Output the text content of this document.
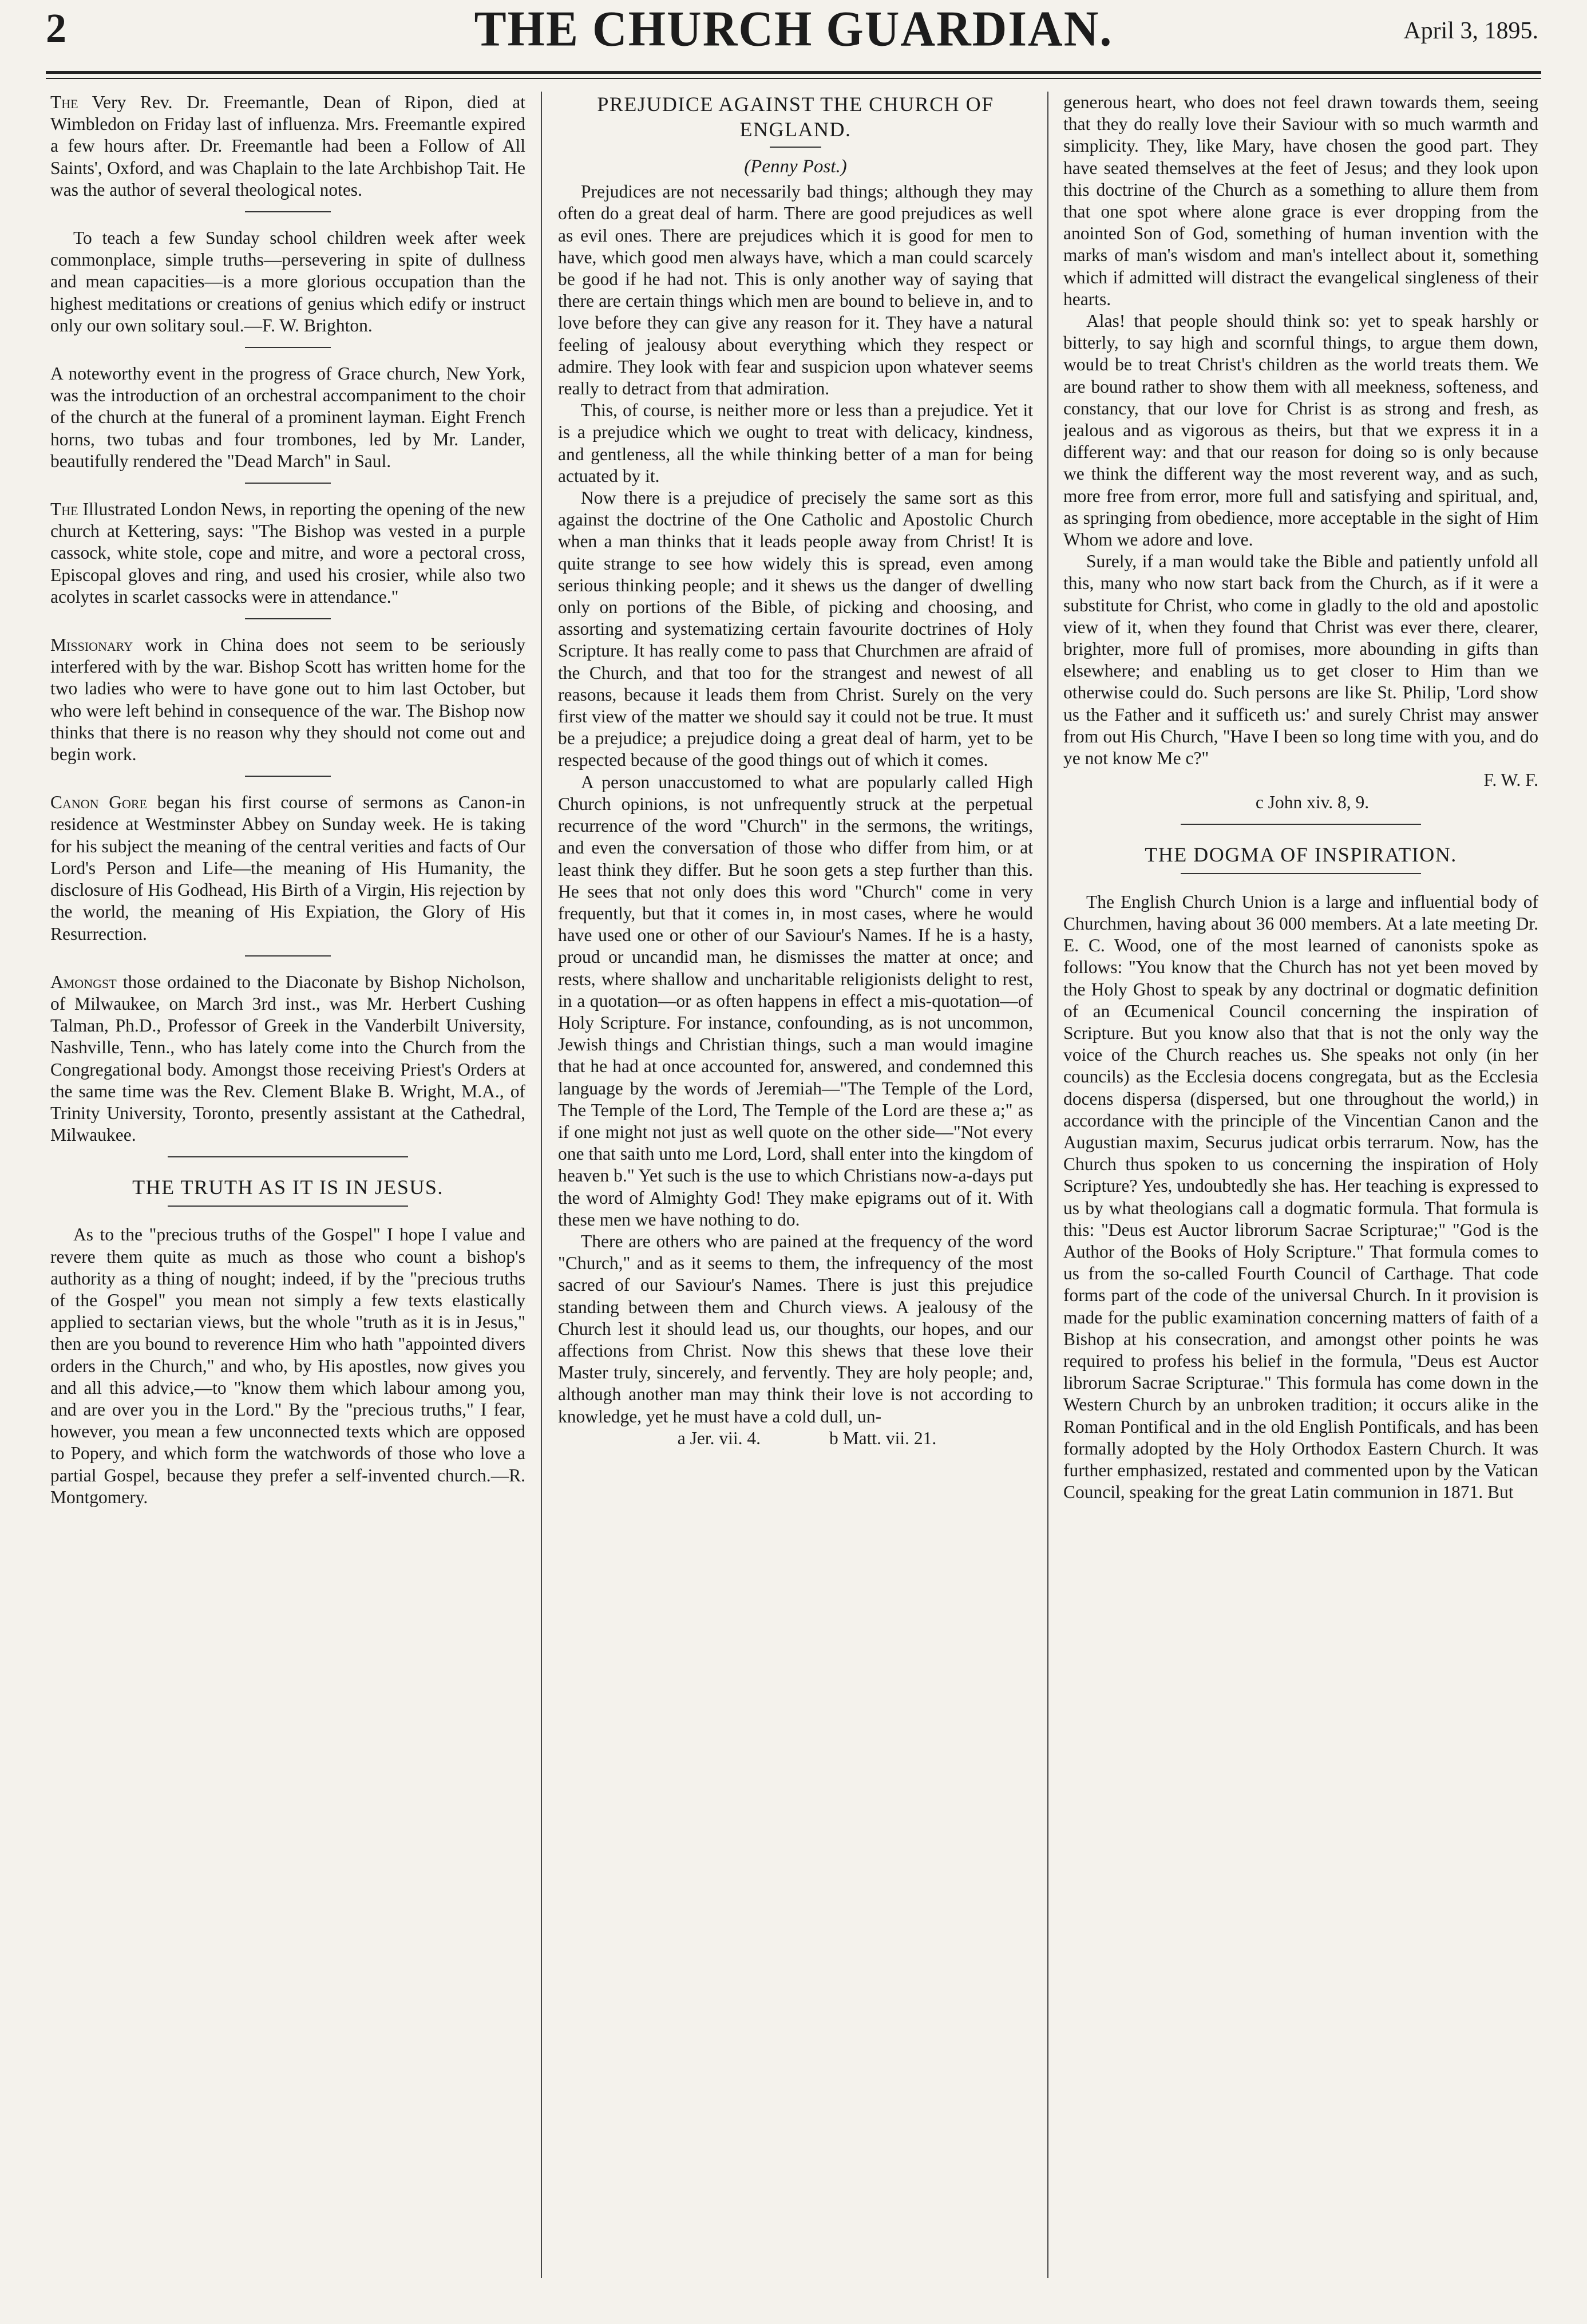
2	THE CHURCH GUARDIAN.	April 3, 1895.

The Very Rev. Dr. Freemantle, Dean of Ripon, died at Wimbledon on Friday last of influenza. Mrs. Freemantle expired a few hours after. Dr. Freemantle had been a Follow of All Saints', Oxford, and was Chaplain to the late Archbishop Tait. He was the author of several theological notes.

To teach a few Sunday school children week after week commonplace, simple truths—persevering in spite of dullness and mean capacities—is a more glorious occupation than the highest meditations or creations of genius which edify or instruct only our own solitary soul.—F. W. Brighton.

A noteworthy event in the progress of Grace church, New York, was the introduction of an orchestral accompaniment to the choir of the church at the funeral of a prominent layman. Eight French horns, two tubas and four trombones, led by Mr. Lander, beautifully rendered the "Dead March" in Saul.

The Illustrated London News, in reporting the opening of the new church at Kettering, says: "The Bishop was vested in a purple cassock, white stole, cope and mitre, and wore a pectoral cross, Episcopal gloves and ring, and used his crosier, while also two acolytes in scarlet cassocks were in attendance."

Missionary work in China does not seem to be seriously interfered with by the war. Bishop Scott has written home for the two ladies who were to have gone out to him last October, but who were left behind in consequence of the war. The Bishop now thinks that there is no reason why they should not come out and begin work.

Canon Gore began his first course of sermons as Canon-in residence at Westminster Abbey on Sunday week. He is taking for his subject the meaning of the central verities and facts of Our Lord's Person and Life—the meaning of His Humanity, the disclosure of His Godhead, His Birth of a Virgin, His rejection by the world, the meaning of His Expiation, the Glory of His Resurrection.

Amongst those ordained to the Diaconate by Bishop Nicholson, of Milwaukee, on March 3rd inst., was Mr. Herbert Cushing Talman, Ph.D., Professor of Greek in the Vanderbilt University, Nashville, Tenn., who has lately come into the Church from the Congregational body. Amongst those receiving Priest's Orders at the same time was the Rev. Clement Blake B. Wright, M.A., of Trinity University, Toronto, presently assistant at the Cathedral, Milwaukee.

THE TRUTH AS IT IS IN JESUS.

As to the "precious truths of the Gospel" I hope I value and revere them quite as much as those who count a bishop's authority as a thing of nought; indeed, if by the "precious truths of the Gospel" you mean not simply a few texts elastically applied to sectarian views, but the whole "truth as it is in Jesus," then are you bound to reverence Him who hath "appointed divers orders in the Church," and who, by His apostles, now gives you and all this advice,—to "know them which labour among you, and are over you in the Lord." By the "precious truths," I fear, however, you mean a few unconnected texts which are opposed to Popery, and which form the watchwords of those who love a partial Gospel, because they prefer a self-invented church.—R. Montgomery.

PREJUDICE AGAINST THE CHURCH OF ENGLAND.
(Penny Post.)

Prejudices are not necessarily bad things; although they may often do a great deal of harm. There are good prejudices as well as evil ones. There are prejudices which it is good for men to have, which good men always have, which a man could scarcely be good if he had not. This is only another way of saying that there are certain things which men are bound to believe in, and to love before they can give any reason for it. They have a natural feeling of jealousy about everything which they respect or admire. They look with fear and suspicion upon whatever seems really to detract from that admiration.

This, of course, is neither more or less than a prejudice. Yet it is a prejudice which we ought to treat with delicacy, kindness, and gentleness, all the while thinking better of a man for being actuated by it.

Now there is a prejudice of precisely the same sort as this against the doctrine of the One Catholic and Apostolic Church when a man thinks that it leads people away from Christ! It is quite strange to see how widely this is spread, even among serious thinking people; and it shews us the danger of dwelling only on portions of the Bible, of picking and choosing, and assorting and systematizing certain favourite doctrines of Holy Scripture. It has really come to pass that Churchmen are afraid of the Church, and that too for the strangest and newest of all reasons, because it leads them from Christ. Surely on the very first view of the matter we should say it could not be true. It must be a prejudice; a prejudice doing a great deal of harm, yet to be respected because of the good things out of which it comes.

A person unaccustomed to what are popularly called High Church opinions, is not unfrequently struck at the perpetual recurrence of the word "Church" in the sermons, the writings, and even the conversation of those who differ from him, or at least think they differ. But he soon gets a step further than this. He sees that not only does this word "Church" come in very frequently, but that it comes in, in most cases, where he would have used one or other of our Saviour's Names. If he is a hasty, proud or uncandid man, he dismisses the matter at once; and rests, where shallow and uncharitable religionists delight to rest, in a quotation—or as often happens in effect a mis-quotation—of Holy Scripture. For instance, confounding, as is not uncommon, Jewish things and Christian things, such a man would imagine that he had at once accounted for, answered, and condemned this language by the words of Jeremiah—"The Temple of the Lord, The Temple of the Lord, The Temple of the Lord are these a;" as if one might not just as well quote on the other side—"Not every one that saith unto me Lord, Lord, shall enter into the kingdom of heaven b." Yet such is the use to which Christians now-a-days put the word of Almighty God! They make epigrams out of it. With these men we have nothing to do.

There are others who are pained at the frequency of the word "Church," and as it seems to them, the infrequency of the most sacred of our Saviour's Names. There is just this prejudice standing between them and Church views. A jealousy of the Church lest it should lead us, our thoughts, our hopes, and our affections from Christ. Now this shews that these love their Master truly, sincerely, and fervently. They are holy people; and, although another man may think their love is not according to knowledge, yet he must have a cold dull, un-

a Jer. vii. 4.	b Matt. vii. 21.

generous heart, who does not feel drawn towards them, seeing that they do really love their Saviour with so much warmth and simplicity. They, like Mary, have chosen the good part. They have seated themselves at the feet of Jesus; and they look upon this doctrine of the Church as a something to allure them from that one spot where alone grace is ever dropping from the anointed Son of God, something of human invention with the marks of man's wisdom and man's intellect about it, something which if admitted will distract the evangelical singleness of their hearts.

Alas! that people should think so: yet to speak harshly or bitterly, to say high and scornful things, to argue them down, would be to treat Christ's children as the world treats them. We are bound rather to show them with all meekness, softeness, and constancy, that our love for Christ is as strong and fresh, as jealous and as vigorous as theirs, but that we express it in a different way: and that our reason for doing so is only because we think the different way the most reverent way, and as such, more free from error, more full and satisfying and spiritual, and, as springing from obedience, more acceptable in the sight of Him Whom we adore and love.

Surely, if a man would take the Bible and patiently unfold all this, many who now start back from the Church, as if it were a substitute for Christ, who come in gladly to the old and apostolic view of it, when they found that Christ was ever there, clearer, brighter, more full of promises, more abounding in gifts than elsewhere; and enabling us to get closer to Him than we otherwise could do. Such persons are like St. Philip, 'Lord show us the Father and it sufficeth us:' and surely Christ may answer from out His Church, "Have I been so long time with you, and do ye not know Me c?"

F. W. F.

c John xiv. 8, 9.

THE DOGMA OF INSPIRATION.

The English Church Union is a large and influential body of Churchmen, having about 36 000 members. At a late meeting Dr. E. C. Wood, one of the most learned of canonists spoke as follows: "You know that the Church has not yet been moved by the Holy Ghost to speak by any doctrinal or dogmatic definition of an Œcumenical Council concerning the inspiration of Scripture. But you know also that that is not the only way the voice of the Church reaches us. She speaks not only (in her councils) as the Ecclesia docens congregata, but as the Ecclesia docens dispersa (dispersed, but one throughout the world,) in accordance with the principle of the Vincentian Canon and the Augustian maxim, Securus judicat orbis terrarum. Now, has the Church thus spoken to us concerning the inspiration of Holy Scripture? Yes, undoubtedly she has. Her teaching is expressed to us by what theologians call a dogmatic formula. That formula is this: "Deus est Auctor librorum Sacrae Scripturae;" "God is the Author of the Books of Holy Scripture." That formula comes to us from the so-called Fourth Council of Carthage. That code forms part of the code of the universal Church. In it provision is made for the public examination concerning matters of faith of a Bishop at his consecration, and amongst other points he was required to profess his belief in the formula, "Deus est Auctor librorum Sacrae Scripturae." This formula has come down in the Western Church by an unbroken tradition; it occurs alike in the Roman Pontifical and in the old English Pontificals, and has been formally adopted by the Holy Orthodox Eastern Church. It was further emphasized, restated and commented upon by the Vatican Council, speaking for the great Latin communion in 1871. But
